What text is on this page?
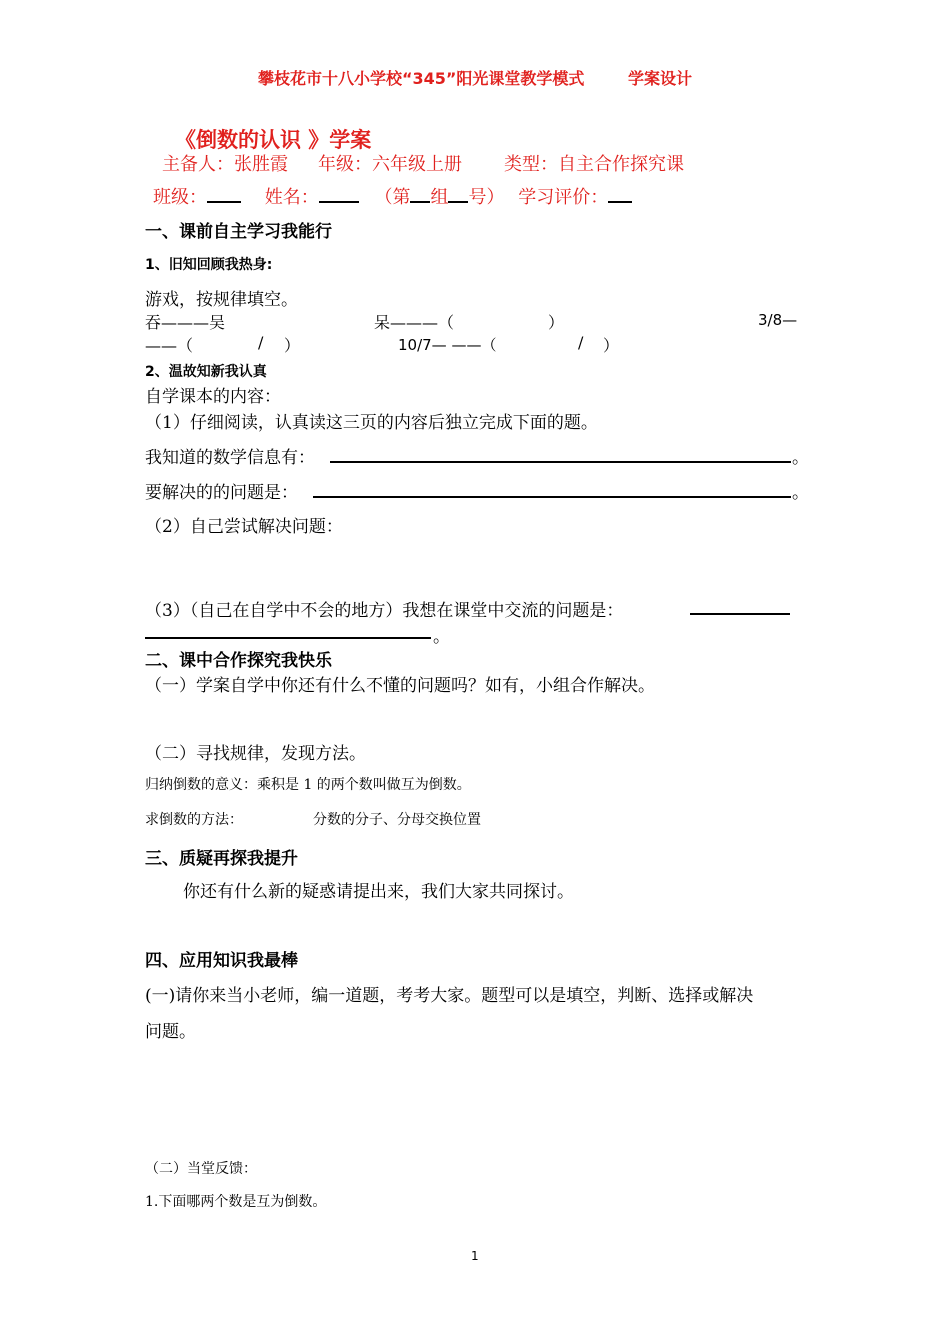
攀枝花市十八小学校“345”阳光课堂教学模式	学案设计
《倒数的认识 》学案
主备人：张胜霞 年级：六年级上册 类型：自主合作探究课
班级：	姓名：	（第 组 号） 学习评价：
一、课前自主学习我能行
1、旧知回顾我热身:
游戏，按规律填空。
吞———吴	呆———（	）	3/8—
——（	/ ）	10/7— ——（	/ ）
2、温故知新我认真
自学课本的内容：
（1）仔细阅读，认真读这三页的内容后独立完成下面的题。
我知道的数学信息有：	。
要解决的的问题是：	。
（2）自己尝试解决问题：
（3）（自己在自学中不会的地方）我想在课堂中交流的问题是：
。
二、课中合作探究我快乐
（一）学案自学中你还有什么不懂的问题吗？如有，小组合作解决。
（二）寻找规律，发现方法。
归纳倒数的意义：乘积是 1 的两个数叫做互为倒数。
求倒数的方法：	分数的分子、分母交换位置
三、质疑再探我提升
你还有什么新的疑惑请提出来，我们大家共同探讨。
四、应用知识我最棒
(一)请你来当小老师，编一道题，考考大家。题型可以是填空，判断、选择或解决
问题。
（二）当堂反馈：
1.下面哪两个数是互为倒数。
1
